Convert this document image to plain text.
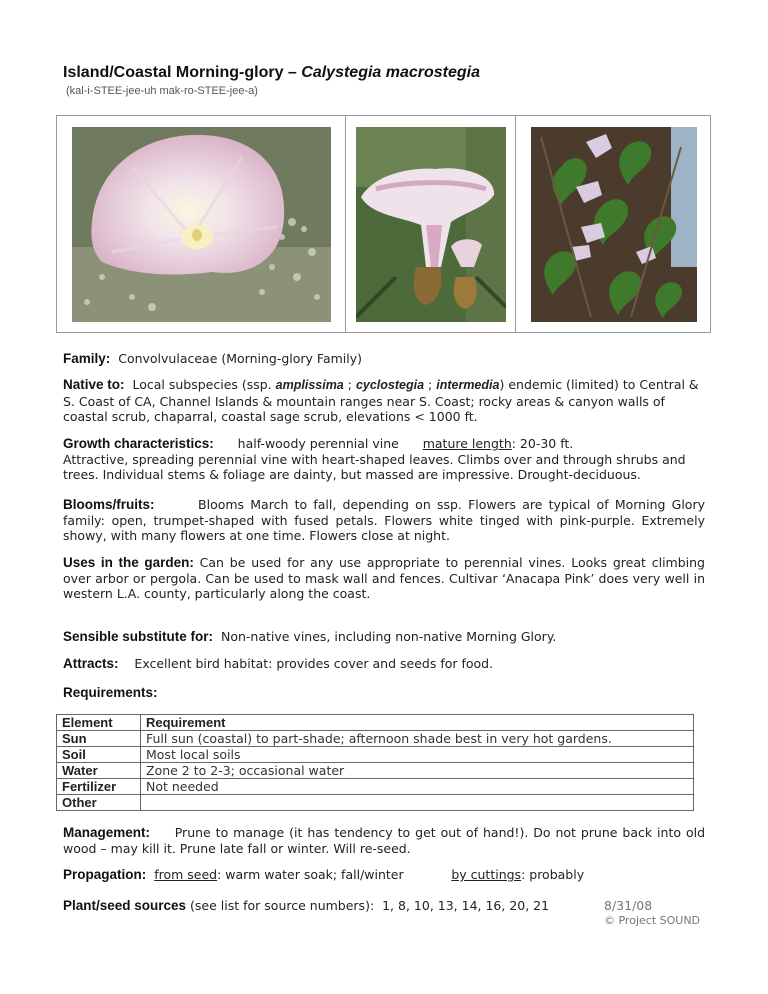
Island/Coastal Morning-glory – Calystegia macrostegia
(kal-i-STEE-jee-uh mak-ro-STEE-jee-a)
Family: Convolvulaceae (Morning-glory Family)
Native to: Local subspecies (ssp. amplissima ; cyclostegia ; intermedia) endemic (limited) to Central & S. Coast of CA, Channel Islands & mountain ranges near S. Coast; rocky areas & canyon walls of coastal scrub, chaparral, coastal sage scrub, elevations < 1000 ft.
Growth characteristics: half-woody perennial vine mature length: 20-30 ft.
Attractive, spreading perennial vine with heart-shaped leaves. Climbs over and through shrubs and trees. Individual stems & foliage are dainty, but massed are impressive. Drought-deciduous.
Blooms/fruits:	Blooms March to fall, depending on ssp. Flowers are typical of Morning Glory family: open, trumpet-shaped with fused petals. Flowers white tinged with pink-purple. Extremely showy, with many flowers at one time. Flowers close at night.
Uses in the garden: Can be used for any use appropriate to perennial vines. Looks great climbing over arbor or pergola. Can be used to mask wall and fences. Cultivar ‘Anacapa Pink’ does very well in western L.A. county, particularly along the coast.
Sensible substitute for: Non-native vines, including non-native Morning Glory.
Attracts: Excellent bird habitat: provides cover and seeds for food.
Requirements:
Element	Requirement
Sun	Full sun (coastal) to part-shade; afternoon shade best in very hot gardens.
Soil	Most local soils
Water	Zone 2 to 2-3; occasional water
Fertilizer	Not needed
Other	
Management: Prune to manage (it has tendency to get out of hand!). Do not prune back into old wood – may kill it. Prune late fall or winter. Will re-seed.
Propagation: from seed: warm water soak; fall/winter	by cuttings: probably
Plant/seed sources (see list for source numbers): 1, 8, 10, 13, 14, 16, 20, 21	8/31/08
© Project SOUND
